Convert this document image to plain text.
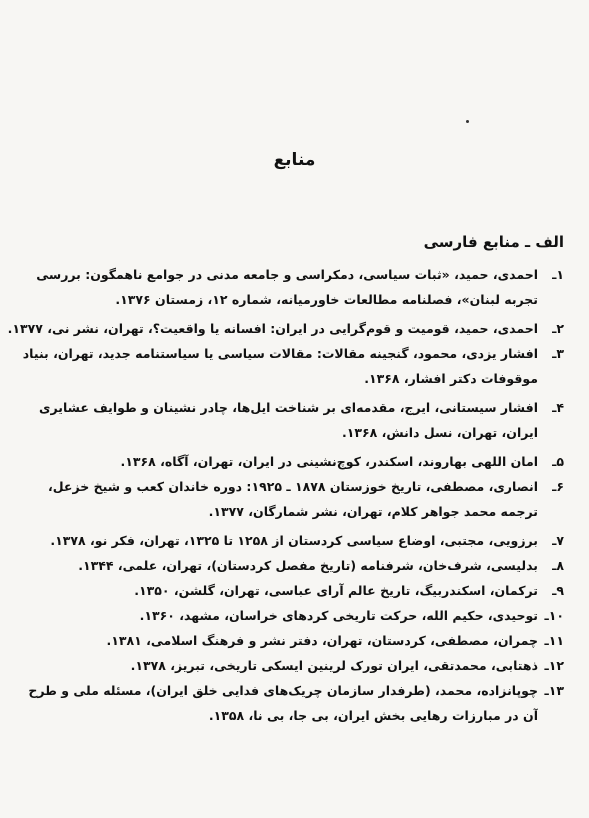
منابع
الف ـ منابع فارسی
۱ـ
احمدی، حمید، «ثبات سیاسی، دمکراسی و جامعه مدنی در جوامع ناهمگون: بررسی
تجربه لبنان»، فصلنامه مطالعات خاورمیانه، شماره ۱۲، زمستان ۱۳۷۶.
۲ـ
احمدی، حمید، قومیت و قوم‌گرایی در ایران: افسانه یا واقعیت؟، تهران، نشر نی، ۱۳۷۷.
۳ـ
افشار یزدی، محمود، گنجینه مقالات: مقالات سیاسی یا سیاستنامه جدید، تهران، بنیاد
موقوفات دکتر افشار، ۱۳۶۸.
۴ـ
افشار سیستانی، ایرج، مقدمه‌ای بر شناخت ایل‌ها، چادر نشینان و طوایف عشایری
ایران، تهران، نسل دانش، ۱۳۶۸.
۵ـ
امان اللهی بهاروند، اسکندر، کوچ‌نشینی در ایران، تهران، آگاه، ۱۳۶۸.
۶ـ
انصاری، مصطفی، تاریخ خوزستان ۱۸۷۸ ـ ۱۹۲۵: دوره خاندان کعب و شیخ خزعل،
ترجمه محمد جواهر کلام، تهران، نشر شمارگان، ۱۳۷۷.
۷ـ
برزویی، مجتبی، اوضاع سیاسی کردستان از ۱۲۵۸ تا ۱۳۲۵، تهران، فکر نو، ۱۳۷۸.
۸ـ
بدلیسی، شرف‌خان، شرفنامه (تاریخ مفصل کردستان)، تهران، علمی، ۱۳۴۴.
۹ـ
ترکمان، اسکندربیگ، تاریخ عالم آرای عباسی، تهران، گلشن، ۱۳۵۰.
۱۰ـ
توحیدی، حکیم الله، حرکت تاریخی کردهای خراسان، مشهد، ۱۳۶۰.
۱۱ـ
چمران، مصطفی، کردستان، تهران، دفتر نشر و فرهنگ اسلامی، ۱۳۸۱.
۱۲ـ
ذهتابی، محمدتقی، ایران تورک لرینین ایسکی تاریخی، تبریز، ۱۳۷۸.
۱۳ـ
چوپانزاده، محمد، (طرفدار سازمان چریک‌های فدایی خلق ایران)، مسئله ملی و طرح
آن در مبارزات رهایی بخش ایران، بی جا، بی نا، ۱۳۵۸.
